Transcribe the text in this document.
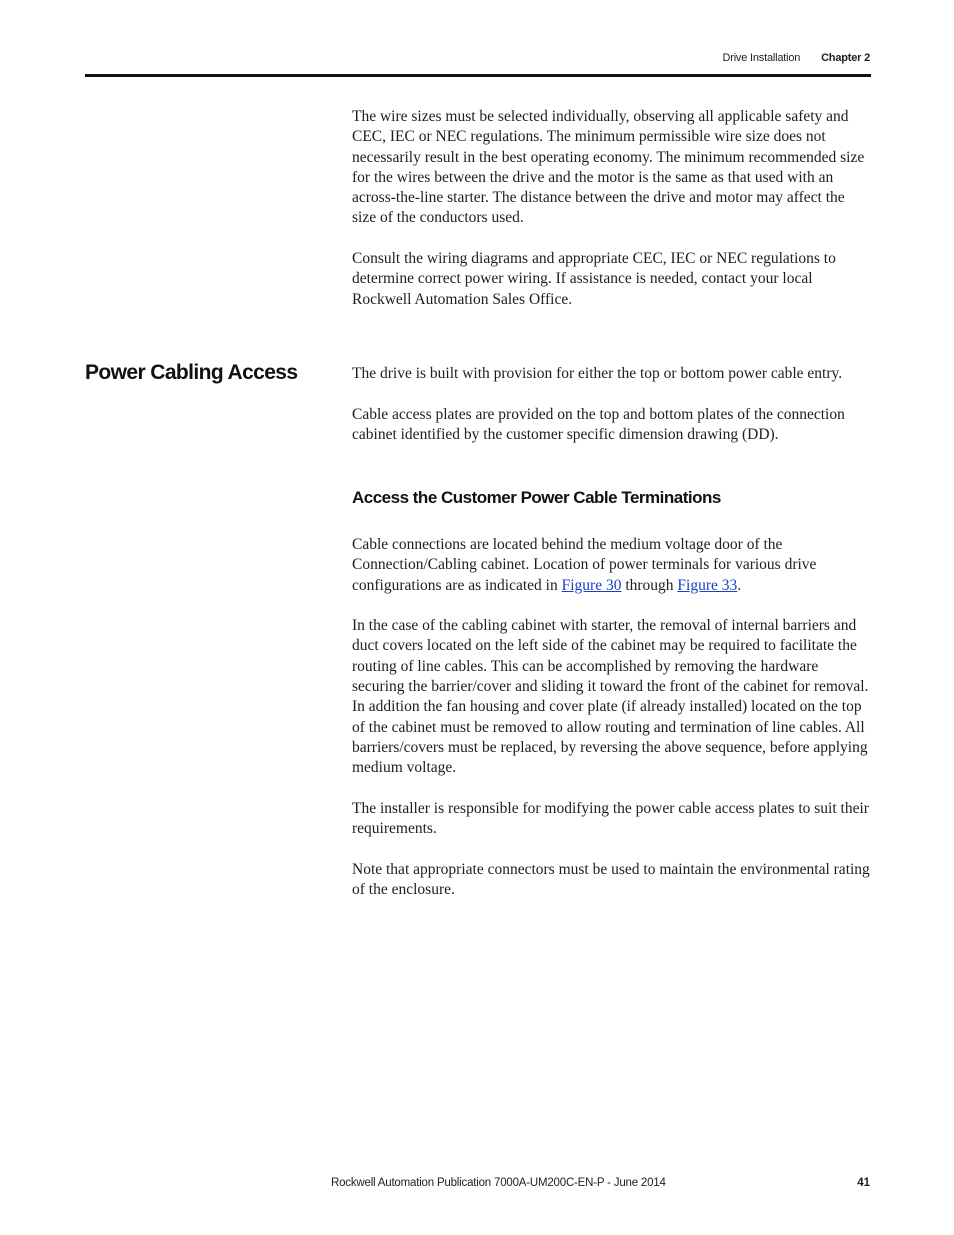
Drive Installation Chapter 2

The wire sizes must be selected individually, observing all applicable safety and CEC, IEC or NEC regulations. The minimum permissible wire size does not necessarily result in the best operating economy. The minimum recommended size for the wires between the drive and the motor is the same as that used with an across-the-line starter. The distance between the drive and motor may affect the size of the conductors used.

Consult the wiring diagrams and appropriate CEC, IEC or NEC regulations to determine correct power wiring. If assistance is needed, contact your local Rockwell Automation Sales Office.

Power Cabling Access	The drive is built with provision for either the top or bottom power cable entry.

Cable access plates are provided on the top and bottom plates of the connection cabinet identified by the customer specific dimension drawing (DD).

Access the Customer Power Cable Terminations

Cable connections are located behind the medium voltage door of the Connection/Cabling cabinet. Location of power terminals for various drive configurations are as indicated in Figure 30 through Figure 33.

In the case of the cabling cabinet with starter, the removal of internal barriers and duct covers located on the left side of the cabinet may be required to facilitate the routing of line cables. This can be accomplished by removing the hardware securing the barrier/cover and sliding it toward the front of the cabinet for removal. In addition the fan housing and cover plate (if already installed) located on the top of the cabinet must be removed to allow routing and termination of line cables. All barriers/covers must be replaced, by reversing the above sequence, before applying medium voltage.

The installer is responsible for modifying the power cable access plates to suit their requirements.

Note that appropriate connectors must be used to maintain the environmental rating of the enclosure.

Rockwell Automation Publication 7000A-UM200C-EN-P - June 2014	41
